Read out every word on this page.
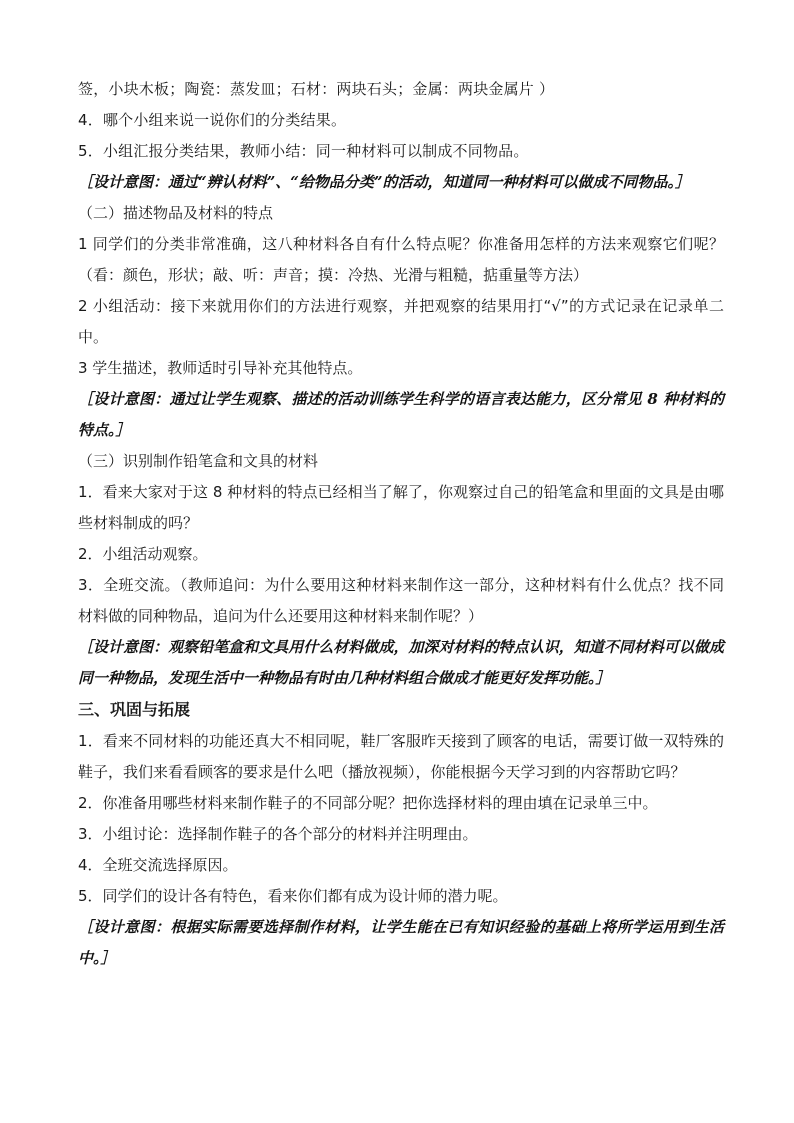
签，小块木板；陶瓷：蒸发皿；石材：两块石头；金属：两块金属片 ）
4．哪个小组来说一说你们的分类结果。
5．小组汇报分类结果，教师小结：同一种材料可以制成不同物品。
［设计意图：通过“辨认材料”、“给物品分类”的活动，知道同一种材料可以做成不同物品。］
（二）描述物品及材料的特点
1 同学们的分类非常准确，这八种材料各自有什么特点呢？你准备用怎样的方法来观察它们呢？（看：颜色，形状；敲、听：声音；摸：冷热、光滑与粗糙，掂重量等方法）
2 小组活动：接下来就用你们的方法进行观察，并把观察的结果用打“√”的方式记录在记录单二中。
3 学生描述，教师适时引导补充其他特点。
［设计意图：通过让学生观察、描述的活动训练学生科学的语言表达能力，区分常见 8 种材料的特点。］
（三）识别制作铅笔盒和文具的材料
1．看来大家对于这 8 种材料的特点已经相当了解了，你观察过自己的铅笔盒和里面的文具是由哪些材料制成的吗？
2．小组活动观察。
3．全班交流。（教师追问：为什么要用这种材料来制作这一部分，这种材料有什么优点？找不同材料做的同种物品，追问为什么还要用这种材料来制作呢？）
［设计意图：观察铅笔盒和文具用什么材料做成，加深对材料的特点认识，知道不同材料可以做成同一种物品，发现生活中一种物品有时由几种材料组合做成才能更好发挥功能。］
三、巩固与拓展
1．看来不同材料的功能还真大不相同呢，鞋厂客服昨天接到了顾客的电话，需要订做一双特殊的鞋子，我们来看看顾客的要求是什么吧（播放视频），你能根据今天学习到的内容帮助它吗？
2．你准备用哪些材料来制作鞋子的不同部分呢？把你选择材料的理由填在记录单三中。
3．小组讨论：选择制作鞋子的各个部分的材料并注明理由。
4．全班交流选择原因。
5．同学们的设计各有特色，看来你们都有成为设计师的潜力呢。
［设计意图：根据实际需要选择制作材料，让学生能在已有知识经验的基础上将所学运用到生活中。］
